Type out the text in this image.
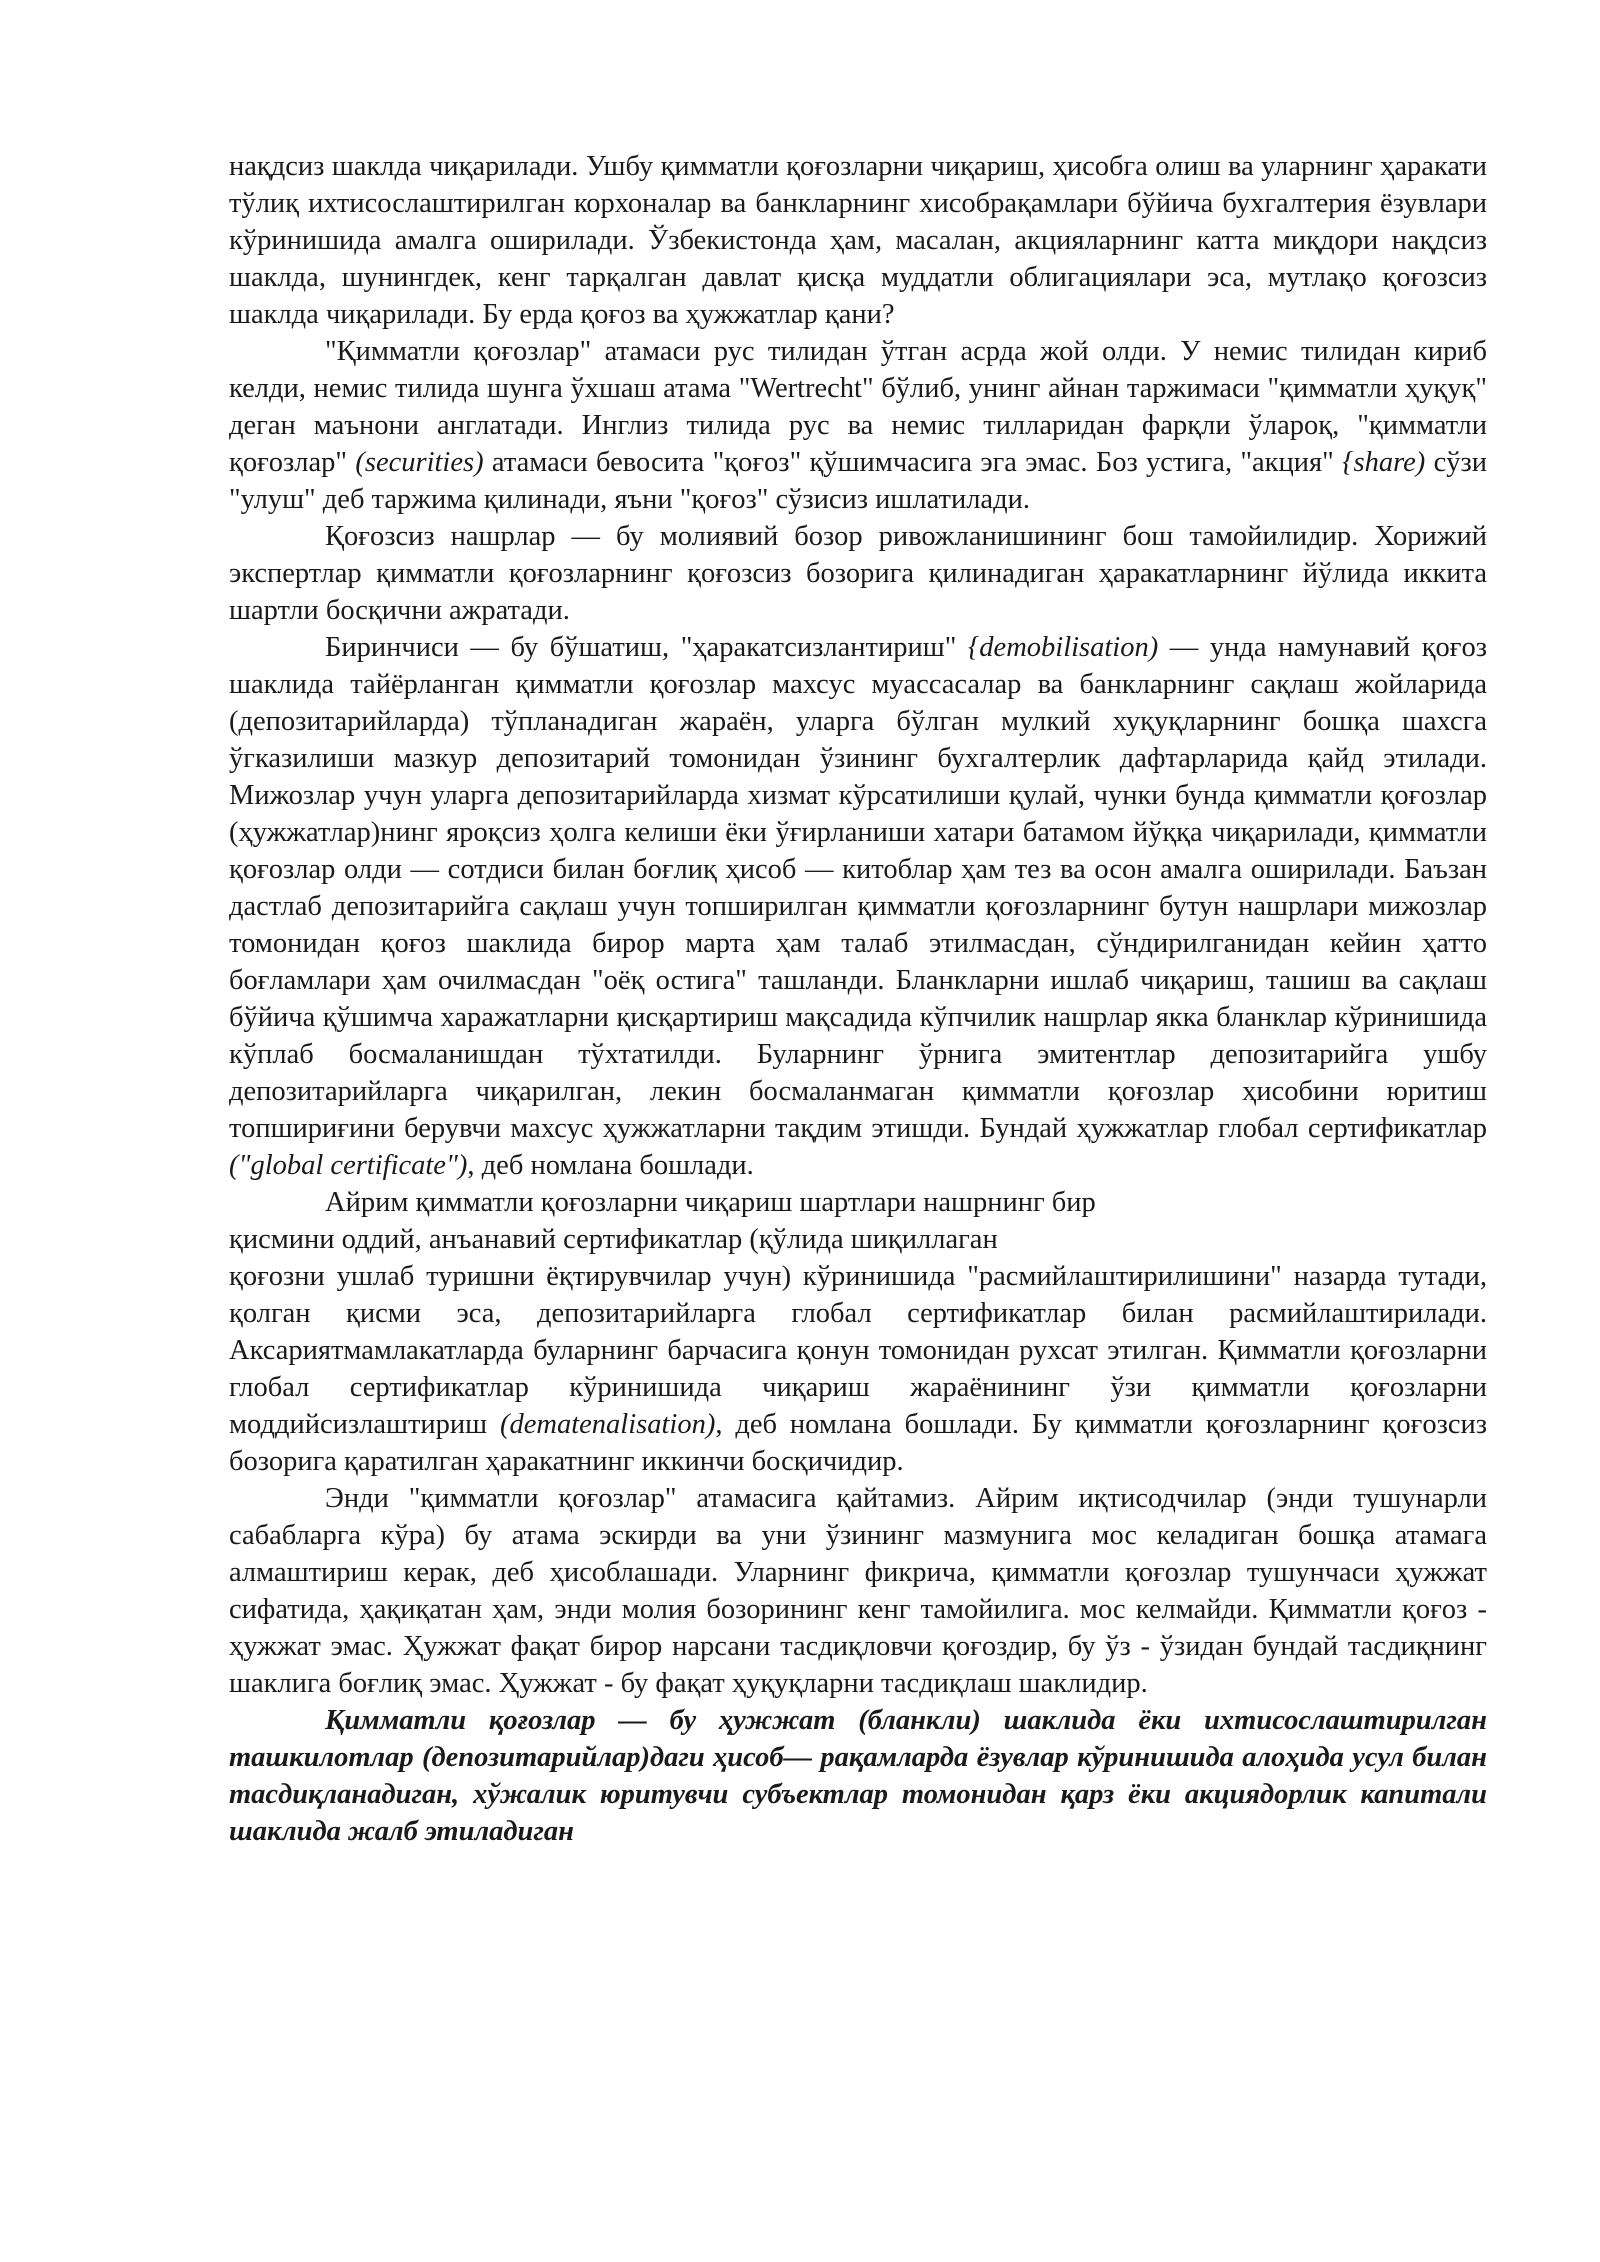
нақдсиз шаклда чиқарилади. Ушбу қимматли қоғозларни чиқариш, ҳисобга олиш ва уларнинг ҳаракати тўлиқ ихтисослаштирилган корхоналар ва банкларнинг хисобрақамлари бўйича бухгалтерия ёзувлари кўринишида амалга оширилади. Ўзбекистонда ҳам, масалан, акцияларнинг катта миқдори нақдсиз шаклда, шунингдек, кенг тарқалган давлат қисқа муддатли облигациялари эса, мутлақо қоғозсиз шаклда чиқарилади. Бу ерда қоғоз ва ҳужжатлар қани?

"Қимматли қоғозлар" атамаси рус тилидан ўтган асрда жой олди. У немис тилидан кириб келди, немис тилида шунга ўхшаш атама "Wertrecht" бўлиб, унинг айнан таржимаси "қимматли ҳуқуқ" деган маънони англатади. Инглиз тилида рус ва немис тилларидан фарқли ўлароқ, "қимматли қоғозлар" (securities) атамаси бевосита "қоғоз" қўшимчасига эга эмас. Боз устига, "акция" {share) сўзи "улуш" деб таржима қилинади, яъни "қоғоз" сўзисиз ишлатилади.

Қоғозсиз нашрлар — бу молиявий бозор ривожланишининг бош тамойилидир. Хорижий экспертлар қимматли қоғозларнинг қоғозсиз бозорига қилинадиган ҳаракатларнинг йўлида иккита шартли босқични ажратади.

Биринчиси — бу бўшатиш, "ҳаракатсизлантириш" {demobilisation) — унда намунавий қоғоз шаклида тайёрланган қимматли қоғозлар махсус муассасалар ва банкларнинг сақлаш жойларида (депозитарийларда) тўпланадиган жараён, уларга бўлган мулкий хуқуқларнинг бошқа шахсга ўгказилиши мазкур депозитарий томонидан ўзининг бухгалтерлик дафтарларида қайд этилади. Мижозлар учун уларга депозитарийларда хизмат кўрсатилиши қулай, чунки бунда қимматли қоғозлар (ҳужжатлар)нинг яроқсиз ҳолга келиши ёки ўғирланиши хатари батамом йўққа чиқарилади, қимматли қоғозлар олди — сотдиси билан боғлиқ ҳисоб — китоблар ҳам тез ва осон амалга оширилади. Баъзан дастлаб депозитарийга сақлаш учун топширилган қимматли қоғозларнинг бутун нашрлари мижозлар томонидан қоғоз шаклида бирор марта ҳам талаб этилмасдан, сўндирилганидан кейин ҳатто боғламлари ҳам очилмасдан "оёқ остига" ташланди. Бланкларни ишлаб чиқариш, ташиш ва сақлаш бўйича қўшимча харажатларни қисқартириш мақсадида кўпчилик нашрлар якка бланклар кўринишида кўплаб босмаланишдан тўхтатилди. Буларнинг ўрнига эмитентлар депозитарийга ушбу депозитарийларга чиқарилган, лекин босмаланмаган қимматли қоғозлар ҳисобини юритиш топшириғини берувчи махсус ҳужжатларни тақдим этишди. Бундай ҳужжатлар глобал сертификатлар ("global certificate"), деб номлана бошлади.

Айрим қимматли қоғозларни чиқариш шартлари нашрнинг бир

қисмини оддий, анъанавий сертификатлар (қўлида шиқиллаган

қоғозни ушлаб туришни ёқтирувчилар учун) кўринишида "расмийлаштирилишини" назарда тутади, қолган қисми эса, депозитарийларга глобал сертификатлар билан расмийлаштирилади. Аксариятмамлакатларда буларнинг барчасига қонун томонидан рухсат этилган. Қимматли қоғозларни глобал сертификатлар кўринишида чиқариш жараёнининг ўзи қимматли қоғозларни моддийсизлаштириш (dematenalisation), деб номлана бошлади. Бу қимматли қоғозларнинг қоғозсиз бозорига қаратилган ҳаракатнинг иккинчи босқичидир.

Энди "қимматли қоғозлар" атамасига қайтамиз. Айрим иқтисодчилар (энди тушунарли сабабларга кўра) бу атама эскирди ва уни ўзининг мазмунига мос келадиган бошқа атамага алмаштириш керак, деб ҳисоблашади. Уларнинг фикрича, қимматли қоғозлар тушунчаси ҳужжат сифатида, ҳақиқатан ҳам, энди молия бозорининг кенг тамойилига. мос келмайди. Қимматли қоғоз - ҳужжат эмас. Ҳужжат фақат бирор нарсани тасдиқловчи қоғоздир, бу ўз - ўзидан бундай тасдиқнинг шаклига боғлиқ эмас. Ҳужжат - бу фақат ҳуқуқларни тасдиқлаш шаклидир.

Қимматли қоғозлар — бу ҳужжат (бланкли) шаклида ёки ихтисослаштирилган ташкилотлар (депозитарийлар)даги ҳисоб— рақамларда ёзувлар кўринишида алоҳида усул билан тасдиқланадиган, хўжалик юритувчи субъектлар томонидан қарз ёки акциядорлик капитали шаклида жалб этиладиган
